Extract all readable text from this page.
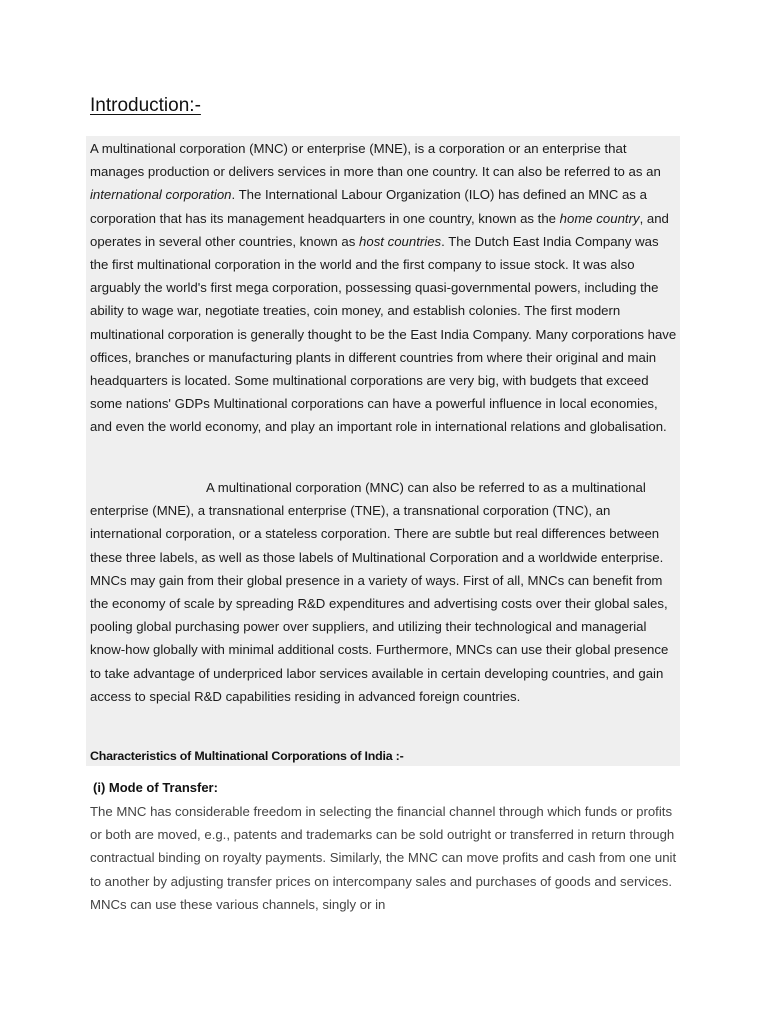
Introduction:-

A multinational corporation (MNC) or enterprise (MNE), is a corporation or an enterprise that manages production or delivers services in more than one country. It can also be referred to as an international corporation. The International Labour Organization (ILO) has defined an MNC as a corporation that has its management headquarters in one country, known as the home country, and operates in several other countries, known as host countries. The Dutch East India Company was the first multinational corporation in the world and the first company to issue stock. It was also arguably the world's first mega corporation, possessing quasi-governmental powers, including the ability to wage war, negotiate treaties, coin money, and establish colonies. The first modern multinational corporation is generally thought to be the East India Company. Many corporations have offices, branches or manufacturing plants in different countries from where their original and main headquarters is located. Some multinational corporations are very big, with budgets that exceed some nations' GDPs Multinational corporations can have a powerful influence in local economies, and even the world economy, and play an important role in international relations and globalisation.

A multinational corporation (MNC) can also be referred to as a multinational enterprise (MNE), a transnational enterprise (TNE), a transnational corporation (TNC), an international corporation, or a stateless corporation. There are subtle but real differences between these three labels, as well as those labels of Multinational Corporation and a worldwide enterprise. MNCs may gain from their global presence in a variety of ways. First of all, MNCs can benefit from the economy of scale by spreading R&D expenditures and advertising costs over their global sales, pooling global purchasing power over suppliers, and utilizing their technological and managerial know-how globally with minimal additional costs. Furthermore, MNCs can use their global presence to take advantage of underpriced labor services available in certain developing countries, and gain access to special R&D capabilities residing in advanced foreign countries.

Characteristics of Multinational Corporations of India :-

(i) Mode of Transfer:

The MNC has considerable freedom in selecting the financial channel through which funds or profits or both are moved, e.g., patents and trademarks can be sold outright or transferred in return through contractual binding on royalty payments. Similarly, the MNC can move profits and cash from one unit to another by adjusting transfer prices on intercompany sales and purchases of goods and services. MNCs can use these various channels, singly or in
